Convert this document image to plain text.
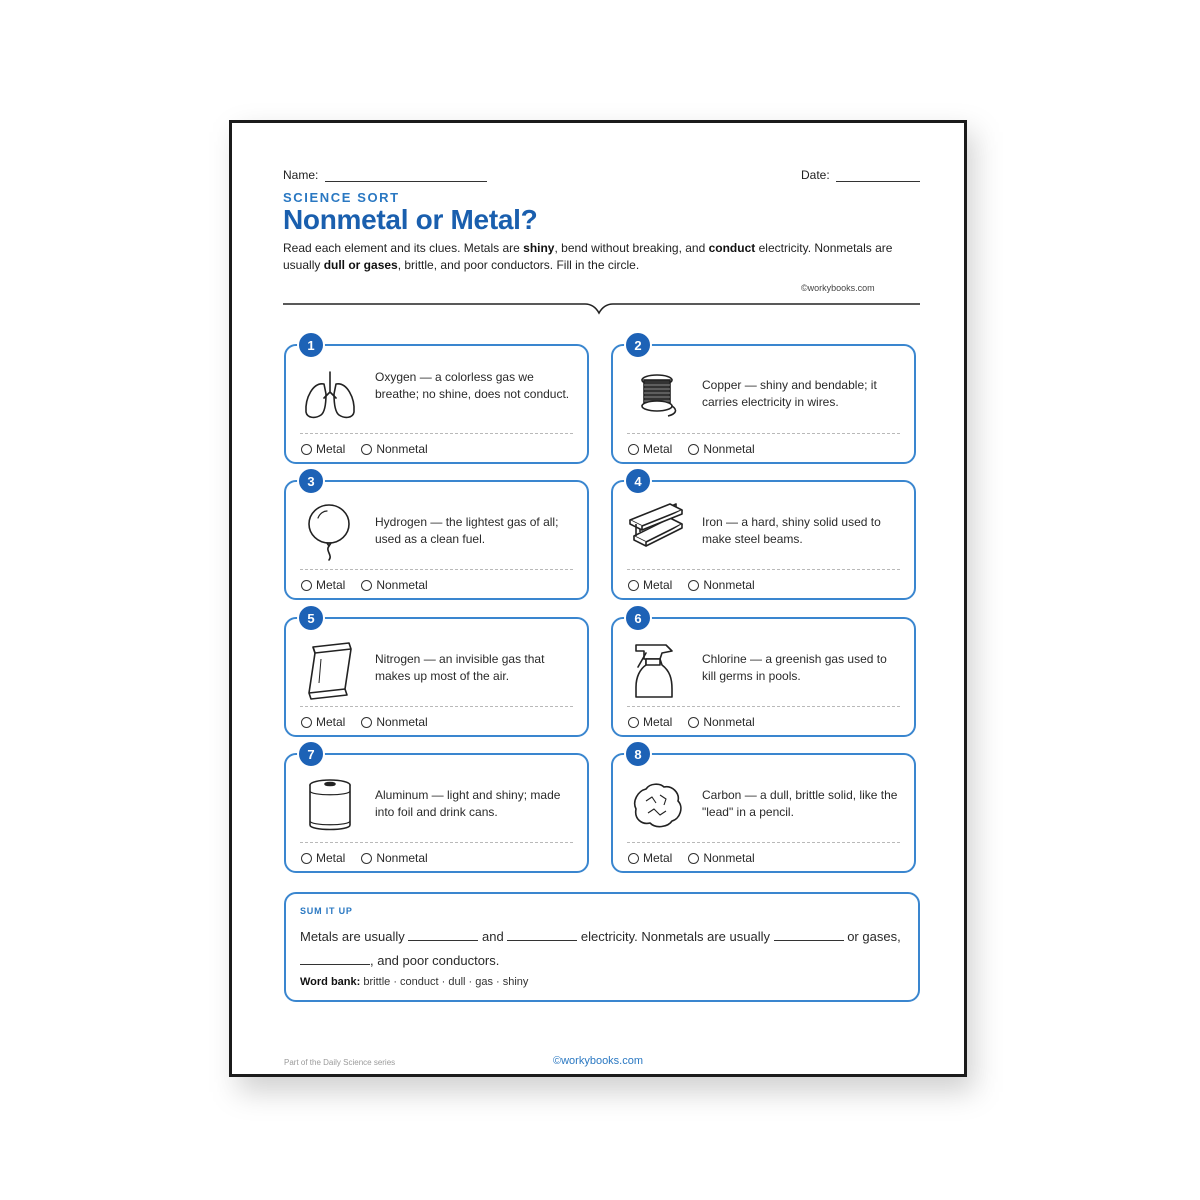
Name:	Date:
SCIENCE SORT
Nonmetal or Metal?
Read each element and its clues. Metals are shiny, bend without breaking, and conduct electricity. Nonmetals are usually dull or gases, brittle, and poor conductors. Fill in the circle.
©workybooks.com
1
Oxygen — a colorless gas we breathe; no shine, does not conduct.
Metal	Nonmetal
2
Copper — shiny and bendable; it carries electricity in wires.
Metal	Nonmetal
3
Hydrogen — the lightest gas of all; used as a clean fuel.
Metal	Nonmetal
4
Iron — a hard, shiny solid used to make steel beams.
Metal	Nonmetal
5
Nitrogen — an invisible gas that makes up most of the air.
Metal	Nonmetal
6
Chlorine — a greenish gas used to kill germs in pools.
Metal	Nonmetal
7
Aluminum — light and shiny; made into foil and drink cans.
Metal	Nonmetal
8
Carbon — a dull, brittle solid, like the "lead" in a pencil.
Metal	Nonmetal
SUM IT UP
Metals are usually	and	electricity. Nonmetals are usually	or gases, , and poor conductors.
Word bank: brittle · conduct · dull · gas · shiny
Part of the Daily Science series	©workybooks.com
